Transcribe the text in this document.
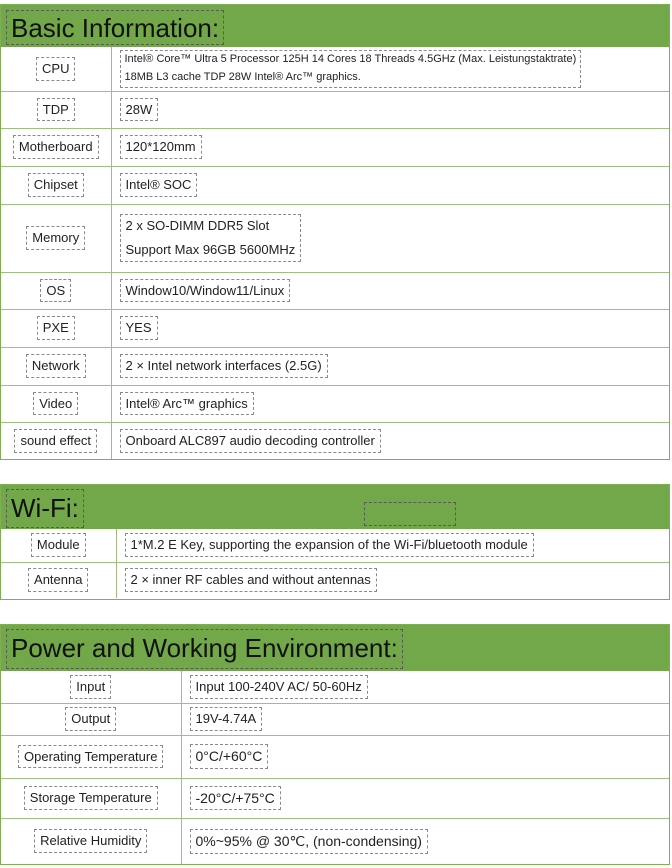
Basic Information:
CPU	Intel® Core™ Ultra 5 Processor 125H 14 Cores 18 Threads 4.5GHz (Max. Leistungstaktrate)
18MB L3 cache TDP 28W Intel® Arc™ graphics.

TDP	28W
Motherboard	120*120mm
Chipset	Intel® SOC
Memory	2 x SO-DIMM DDR5 Slot
Support Max 96GB 5600MHz

OS	Window10/Window11/Linux
PXE	YES
Network	2 × Intel network interfaces (2.5G)
Video	Intel® Arc™ graphics
sound effect	Onboard ALC897 audio decoding controller
Wi-Fi:
Module	1*M.2 E Key, supporting the expansion of the Wi-Fi/bluetooth module
Antenna	2 × inner RF cables and without antennas
Power and Working Environment:
Input	Input 100-240V AC/ 50-60Hz
Output	19V-4.74A
Operating Temperature	0°C/+60°C
Storage Temperature	-20°C/+75°C
Relative Humidity	0%~95% @ 30℃, (non-condensing)
